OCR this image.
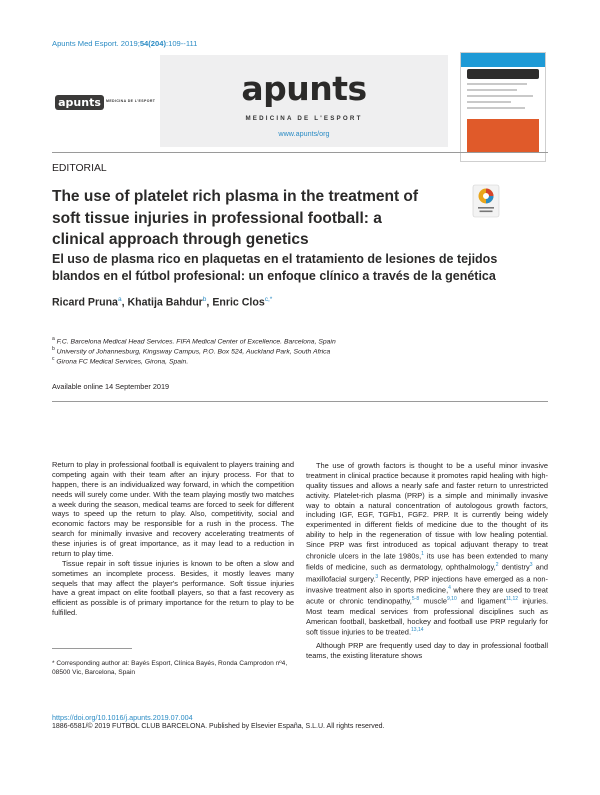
Apunts Med Esport. 2019;54(204):109--111
apunts	MEDICINA DE L'ESPORT	apunts
MEDICINA DE L'ESPORT
www.apunts/org
EDITORIAL
The use of platelet rich plasma in the treatment of soft tissue injuries in professional football: a clinical approach through genetics
El uso de plasma rico en plaquetas en el tratamiento de lesiones de tejidos blandos en el fútbol profesional: un enfoque clínico a través de la genética
Ricard Pruna$^a$, Khatija Bahdur$^b$, Enric Clos$^{c,*}$
$^a$ F.C. Barcelona Medical Head Services. FIFA Medical Center of Excellence. Barcelona, Spain
$^b$ University of Johannesburg, Kingsway Campus, P.O. Box 524, Auckland Park, South Africa
$^c$ Girona FC Medical Services, Girona, Spain.
Available online 14 September 2019

Return to play in professional football is equivalent to players training and competing again with their team after an injury process. For that to happen, there is an individualized way forward, in which the competition needs will surely come under. With the team playing mostly two matches a week during the season, medical teams are forced to seek for different ways to speed up the return to play. Also, competitivity, social and economic factors may be responsible for a rush in the process. The search for minimally invasive and recovery accelerating treatments of these injuries is of great importance, as it may lead to a reduction in return to play time.

Tissue repair in soft tissue injuries is known to be often a slow and sometimes an incomplete process. Besides, it mostly leaves many sequels that may affect the player's performance. Soft tissue injuries have a great impact on elite football players, so that a fast recovery as efficient as possible is of primary importance for the return to play to be fulfilled.

The use of growth factors is thought to be a useful minor invasive treatment in clinical practice because it promotes rapid healing with high-quality tissues and allows a nearly safe and faster return to unrestricted activity. Platelet-rich plasma (PRP) is a simple and minimally invasive way to obtain a natural concentration of autologous growth factors, including IGF, EGF, TGFb1, FGF2. PRP. It is currently being widely experimented in different fields of medicine due to the thought of its ability to help in the regeneration of tissue with low healing potential. Since PRP was first introduced as topical adjuvant therapy to treat chronicle ulcers in the late 1980s,$^1$ its use has been extended to many fields of medicine, such as dermatology, ophthalmology,$^2$ dentistry$^3$ and maxillofacial surgery.$^3$ Recently, PRP injections have emerged as a non-invasive treatment also in sports medicine,$^4$ where they are used to treat acute or chronic tendinopathy,$^{5-8}$ muscle$^{9,10}$ and ligament$^{11,12}$ injuries. Most team medical services from professional disciplines such as American football, basketball, hockey and football use PRP regularly for soft tissue injuries to be treated.$^{13,14}$

Although PRP are frequently used day to day in professional football teams, the existing literature shows

* Corresponding author at: Bayés Esport, Clínica Bayés, Ronda Camprodon nº4, 08500 Vic, Barcelona, Spain
https://doi.org/10.1016/j.apunts.2019.07.004
1886-6581/© 2019 FUTBOL CLUB BARCELONA. Published by Elsevier España, S.L.U. All rights reserved.
